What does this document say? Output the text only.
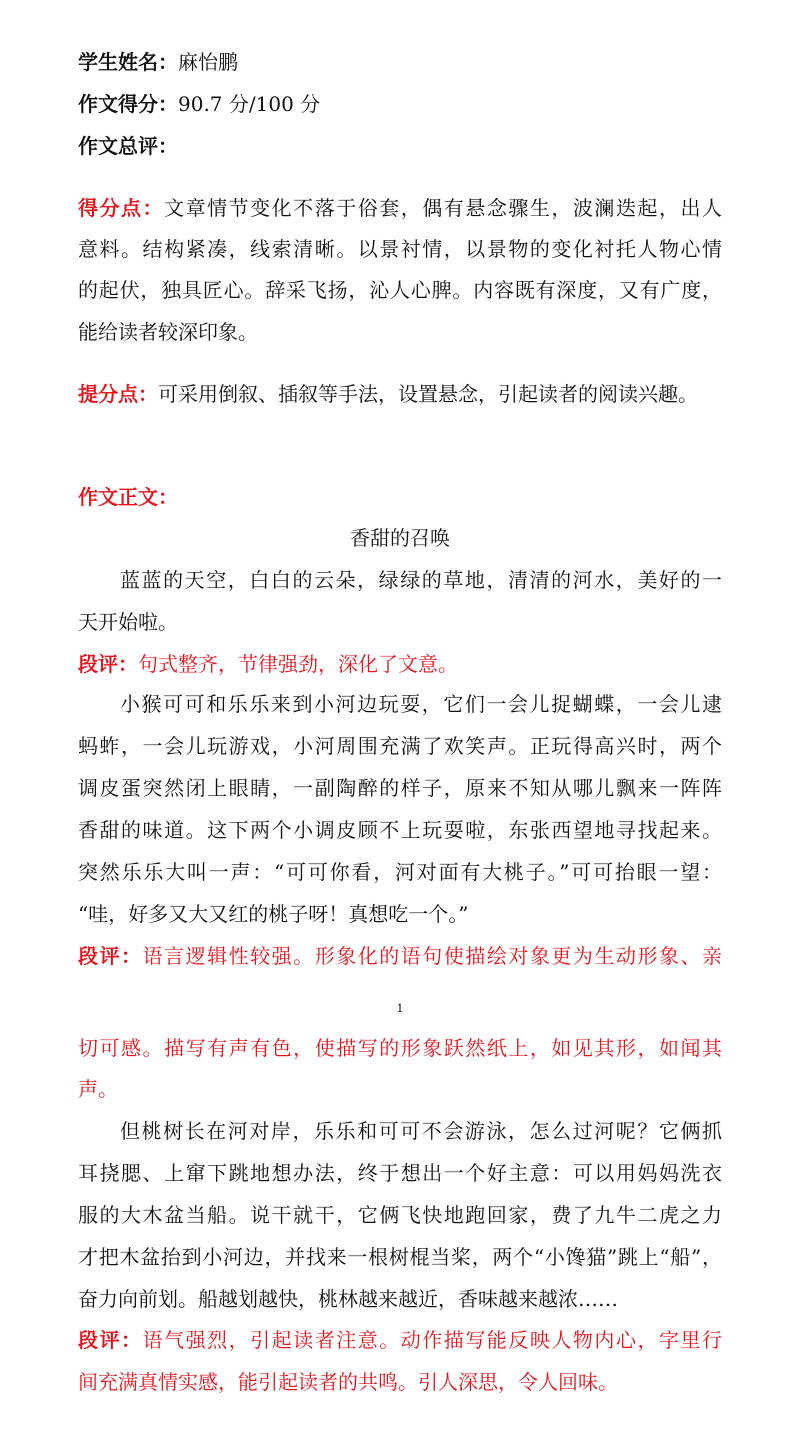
学生姓名：麻怡鹏
作文得分：90.7 分/100 分
作文总评：
得分点：文章情节变化不落于俗套，偶有悬念骤生，波澜迭起，出人
意料。结构紧凑，线索清晰。以景衬情，以景物的变化衬托人物心情
的起伏，独具匠心。辞采飞扬，沁人心脾。内容既有深度，又有广度，
能给读者较深印象。
提分点：可采用倒叙、插叙等手法，设置悬念，引起读者的阅读兴趣。
作文正文：
香甜的召唤
蓝蓝的天空，白白的云朵，绿绿的草地，清清的河水，美好的一
天开始啦。
段评：句式整齐，节律强劲，深化了文意。
小猴可可和乐乐来到小河边玩耍，它们一会儿捉蝴蝶，一会儿逮
蚂蚱，一会儿玩游戏，小河周围充满了欢笑声。正玩得高兴时，两个
调皮蛋突然闭上眼睛，一副陶醉的样子，原来不知从哪儿飘来一阵阵
香甜的味道。这下两个小调皮顾不上玩耍啦，东张西望地寻找起来。
突然乐乐大叫一声：“可可你看，河对面有大桃子。”可可抬眼一望：
“哇，好多又大又红的桃子呀！真想吃一个。”
段评：语言逻辑性较强。形象化的语句使描绘对象更为生动形象、亲
1
切可感。描写有声有色，使描写的形象跃然纸上，如见其形，如闻其
声。
但桃树长在河对岸，乐乐和可可不会游泳，怎么过河呢？它俩抓
耳挠腮、上窜下跳地想办法，终于想出一个好主意：可以用妈妈洗衣
服的大木盆当船。说干就干，它俩飞快地跑回家，费了九牛二虎之力
才把木盆抬到小河边，并找来一根树棍当桨，两个“小馋猫”跳上“船”，
奋力向前划。船越划越快，桃林越来越近，香味越来越浓……
段评：语气强烈，引起读者注意。动作描写能反映人物内心，字里行
间充满真情实感，能引起读者的共鸣。引人深思，令人回味。
